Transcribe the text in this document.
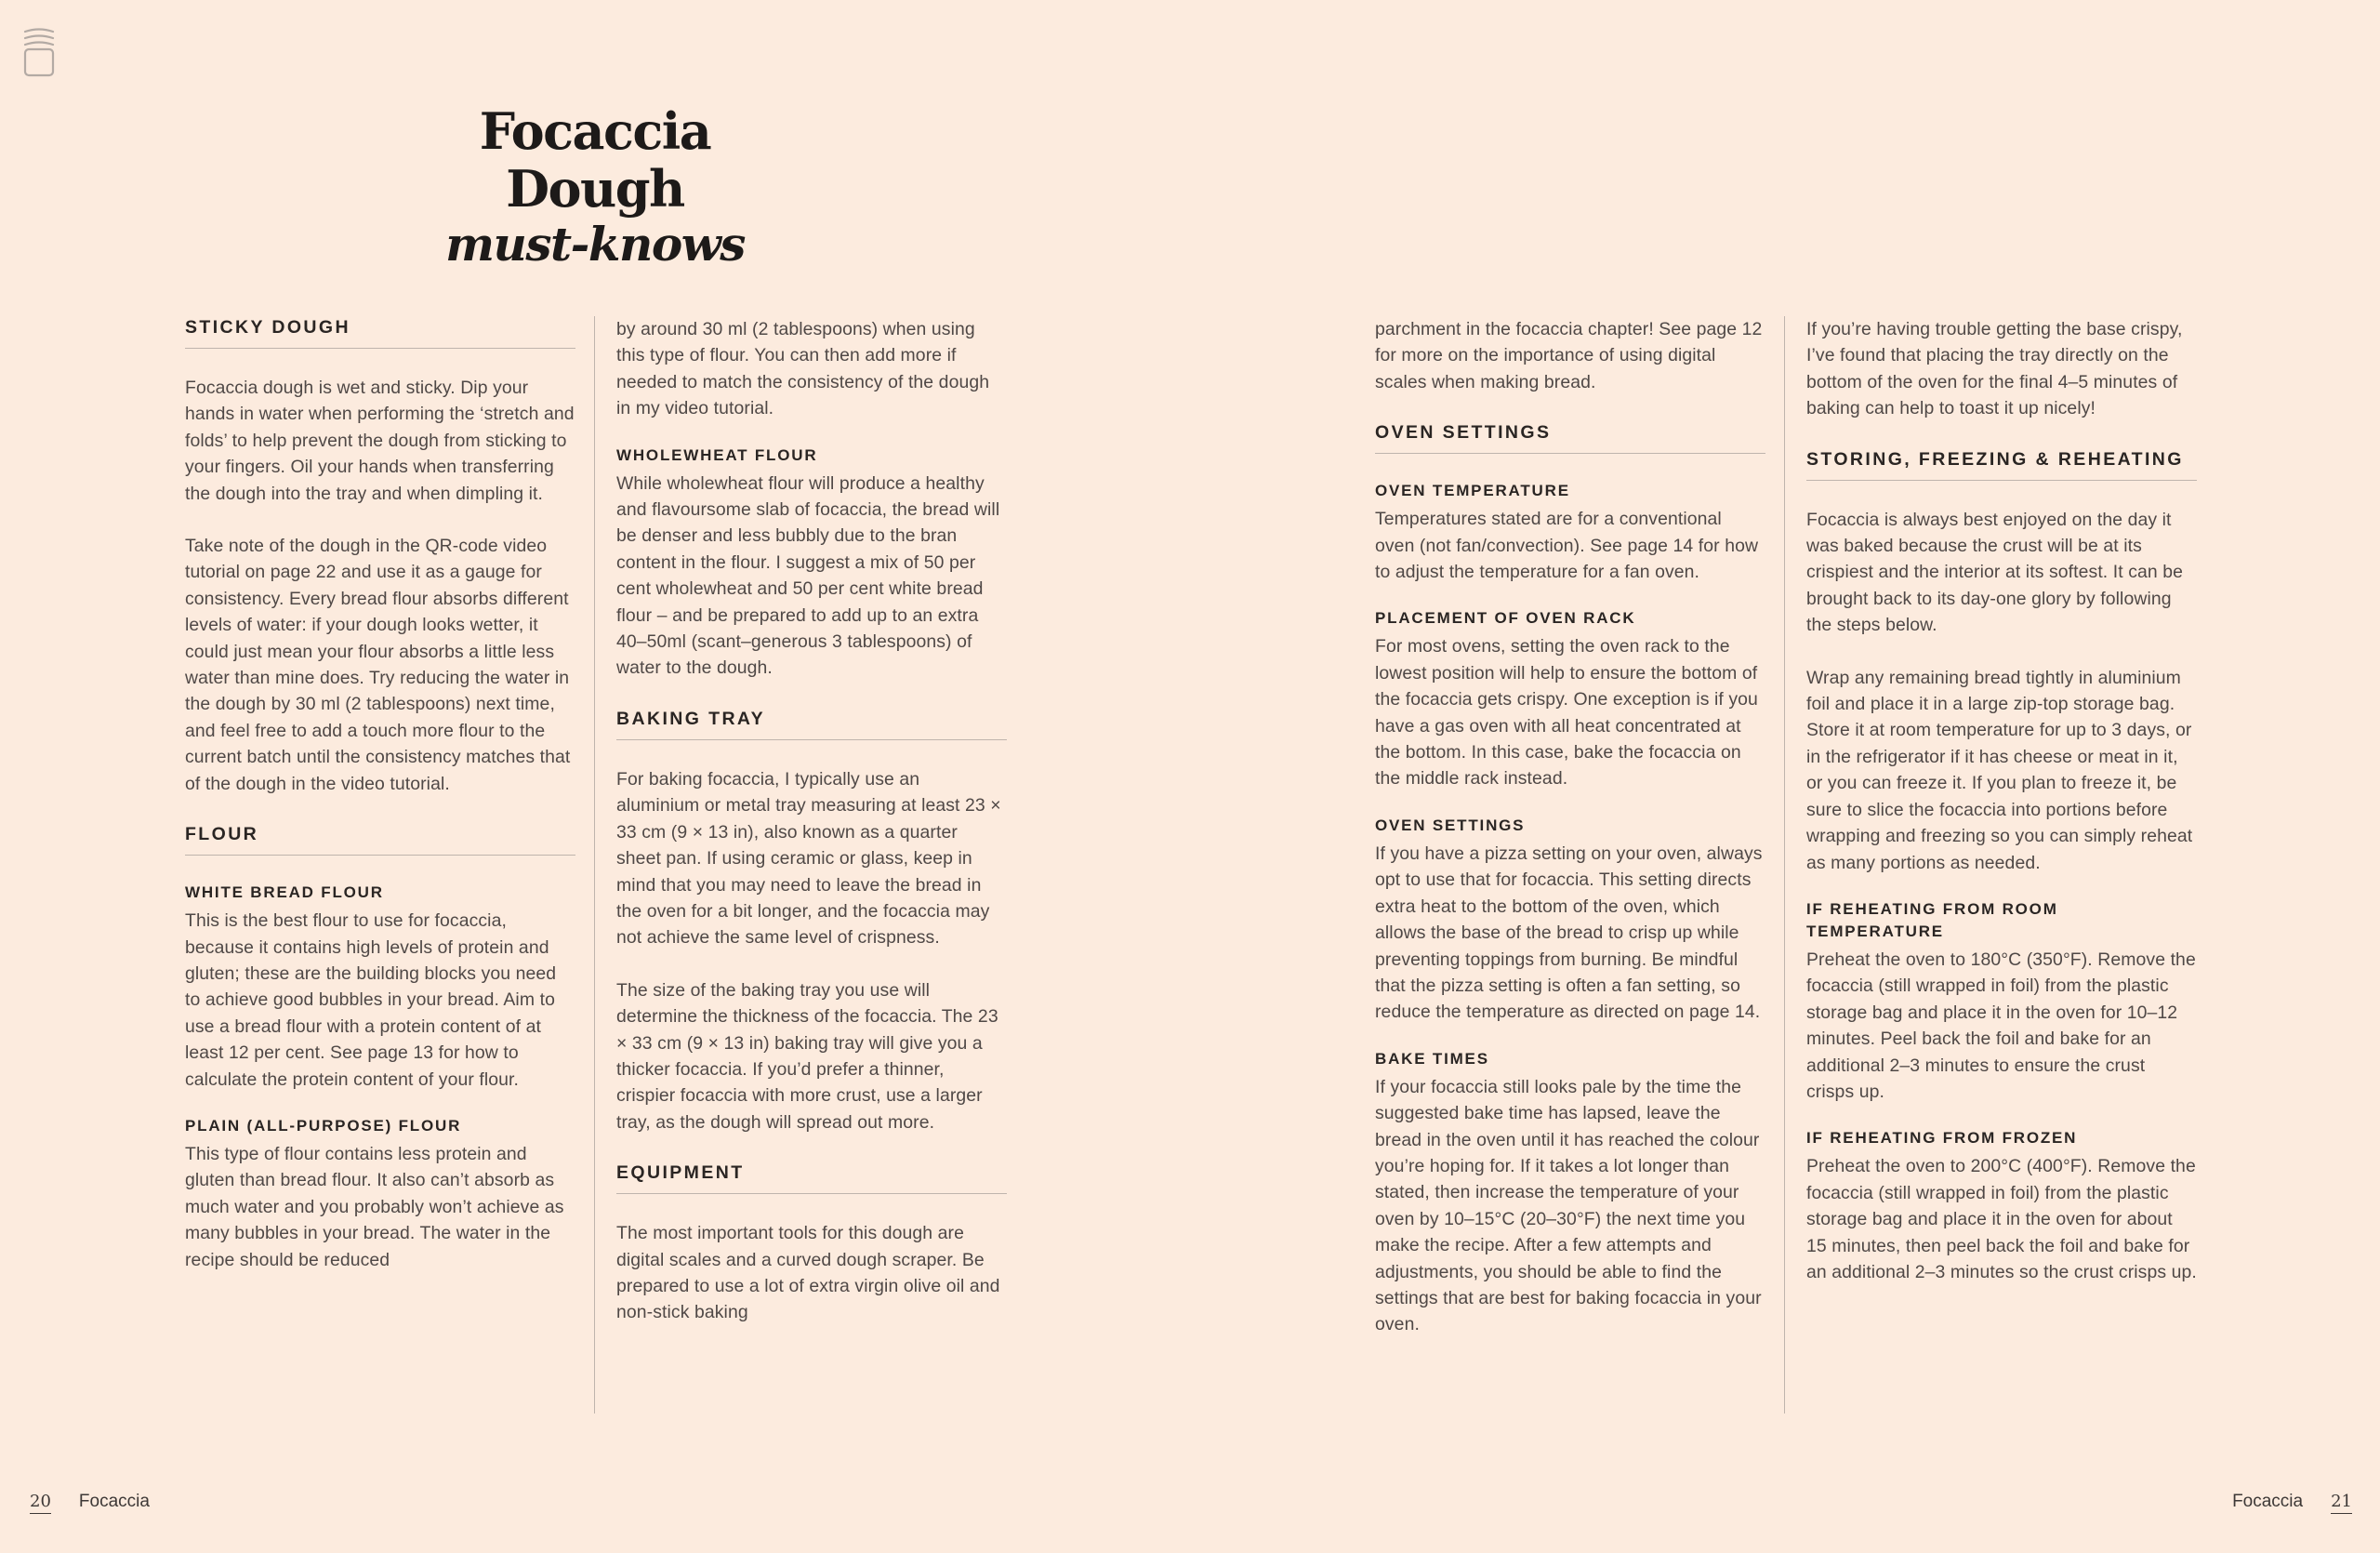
Focaccia Dough
must-knows
STICKY DOUGH

Focaccia dough is wet and sticky. Dip your hands in water when performing the ‘stretch and folds’ to help prevent the dough from sticking to your fingers. Oil your hands when transferring the dough into the tray and when dimpling it.

Take note of the dough in the QR-code video tutorial on page 22 and use it as a gauge for consistency. Every bread flour absorbs different levels of water: if your dough looks wetter, it could just mean your flour absorbs a little less water than mine does. Try reducing the water in the dough by 30 ml (2 tablespoons) next time, and feel free to add a touch more flour to the current batch until the consistency matches that of the dough in the video tutorial.

FLOUR
WHITE BREAD FLOUR

This is the best flour to use for focaccia, because it contains high levels of protein and gluten; these are the building blocks you need to achieve good bubbles in your bread. Aim to use a bread flour with a protein content of at least 12 per cent. See page 13 for how to calculate the protein content of your flour.

PLAIN (ALL-PURPOSE) FLOUR

This type of flour contains less protein and gluten than bread flour. It also can’t absorb as much water and you probably won’t achieve as many bubbles in your bread. The water in the recipe should be reduced

by around 30 ml (2 tablespoons) when using this type of flour. You can then add more if needed to match the consistency of the dough in my video tutorial.

WHOLEWHEAT FLOUR

While wholewheat flour will produce a healthy and flavoursome slab of focaccia, the bread will be denser and less bubbly due to the bran content in the flour. I suggest a mix of 50 per cent wholewheat and 50 per cent white bread flour – and be prepared to add up to an extra 40–50ml (scant–generous 3 tablespoons) of water to the dough.

BAKING TRAY

For baking focaccia, I typically use an aluminium or metal tray measuring at least 23 × 33 cm (9 × 13 in), also known as a quarter sheet pan. If using ceramic or glass, keep in mind that you may need to leave the bread in the oven for a bit longer, and the focaccia may not achieve the same level of crispness.

The size of the baking tray you use will determine the thickness of the focaccia. The 23 × 33 cm (9 × 13 in) baking tray will give you a thicker focaccia. If you’d prefer a thinner, crispier focaccia with more crust, use a larger tray, as the dough will spread out more.

EQUIPMENT

The most important tools for this dough are digital scales and a curved dough scraper. Be prepared to use a lot of extra virgin olive oil and non-stick baking

parchment in the focaccia chapter! See page 12 for more on the importance of using digital scales when making bread.

OVEN SETTINGS
OVEN TEMPERATURE

Temperatures stated are for a conventional oven (not fan/convection). See page 14 for how to adjust the temperature for a fan oven.

PLACEMENT OF OVEN RACK

For most ovens, setting the oven rack to the lowest position will help to ensure the bottom of the focaccia gets crispy. One exception is if you have a gas oven with all heat concentrated at the bottom. In this case, bake the focaccia on the middle rack instead.

OVEN SETTINGS

If you have a pizza setting on your oven, always opt to use that for focaccia. This setting directs extra heat to the bottom of the oven, which allows the base of the bread to crisp up while preventing toppings from burning. Be mindful that the pizza setting is often a fan setting, so reduce the temperature as directed on page 14.

BAKE TIMES

If your focaccia still looks pale by the time the suggested bake time has lapsed, leave the bread in the oven until it has reached the colour you’re hoping for. If it takes a lot longer than stated, then increase the temperature of your oven by 10–15°C (20–30°F) the next time you make the recipe. After a few attempts and adjustments, you should be able to find the settings that are best for baking focaccia in your oven.

If you’re having trouble getting the base crispy, I’ve found that placing the tray directly on the bottom of the oven for the final 4–5 minutes of baking can help to toast it up nicely!

STORING, FREEZING & REHEATING

Focaccia is always best enjoyed on the day it was baked because the crust will be at its crispiest and the interior at its softest. It can be brought back to its day-one glory by following the steps below.

Wrap any remaining bread tightly in aluminium foil and place it in a large zip-top storage bag. Store it at room temperature for up to 3 days, or in the refrigerator if it has cheese or meat in it, or you can freeze it. If you plan to freeze it, be sure to slice the focaccia into portions before wrapping and freezing so you can simply reheat as many portions as needed.

IF REHEATING FROM ROOM TEMPERATURE

Preheat the oven to 180°C (350°F). Remove the focaccia (still wrapped in foil) from the plastic storage bag and place it in the oven for 10–12 minutes. Peel back the foil and bake for an additional 2–3 minutes to ensure the crust crisps up.

IF REHEATING FROM FROZEN

Preheat the oven to 200°C (400°F). Remove the focaccia (still wrapped in foil) from the plastic storage bag and place it in the oven for about 15 minutes, then peel back the foil and bake for an additional 2–3 minutes so the crust crisps up.

20 Focaccia	Focaccia 21
